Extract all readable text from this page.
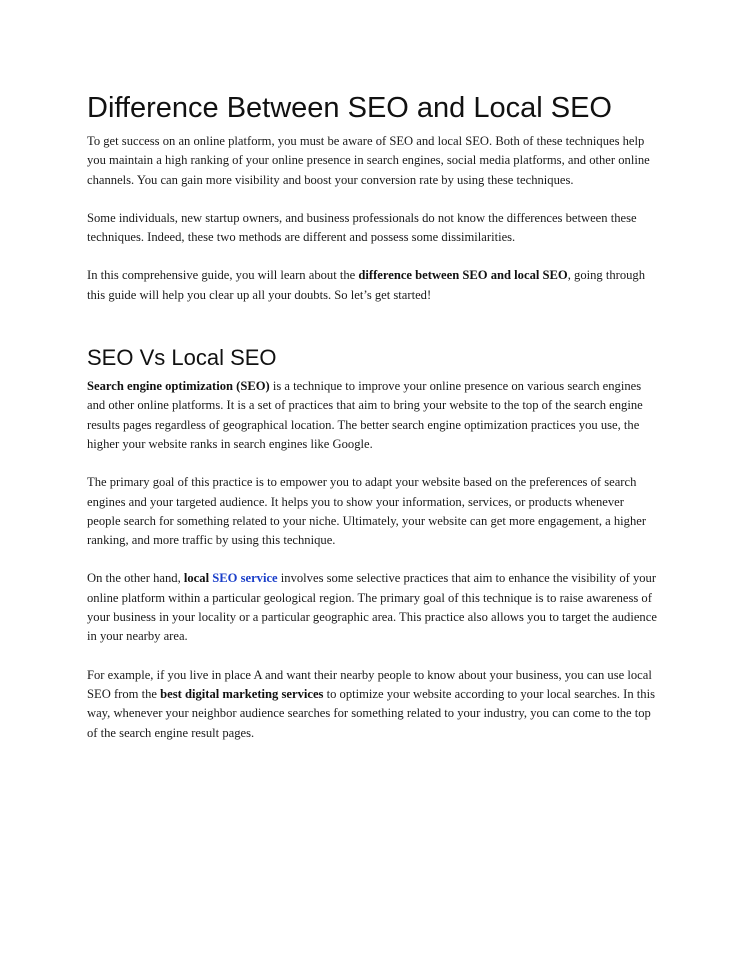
Difference Between SEO and Local SEO

To get success on an online platform, you must be aware of SEO and local SEO. Both of these techniques help you maintain a high ranking of your online presence in search engines, social media platforms, and other online channels. You can gain more visibility and boost your conversion rate by using these techniques.

Some individuals, new startup owners, and business professionals do not know the differences between these techniques. Indeed, these two methods are different and possess some dissimilarities.

In this comprehensive guide, you will learn about the difference between SEO and local SEO, going through this guide will help you clear up all your doubts. So let’s get started!

SEO Vs Local SEO

Search engine optimization (SEO) is a technique to improve your online presence on various search engines and other online platforms. It is a set of practices that aim to bring your website to the top of the search engine results pages regardless of geographical location. The better search engine optimization practices you use, the higher your website ranks in search engines like Google.

The primary goal of this practice is to empower you to adapt your website based on the preferences of search engines and your targeted audience. It helps you to show your information, services, or products whenever people search for something related to your niche. Ultimately, your website can get more engagement, a higher ranking, and more traffic by using this technique.

On the other hand, local SEO service involves some selective practices that aim to enhance the visibility of your online platform within a particular geological region. The primary goal of this technique is to raise awareness of your business in your locality or a particular geographic area. This practice also allows you to target the audience in your nearby area.

For example, if you live in place A and want their nearby people to know about your business, you can use local SEO from the best digital marketing services to optimize your website according to your local searches. In this way, whenever your neighbor audience searches for something related to your industry, you can come to the top of the search engine result pages.
